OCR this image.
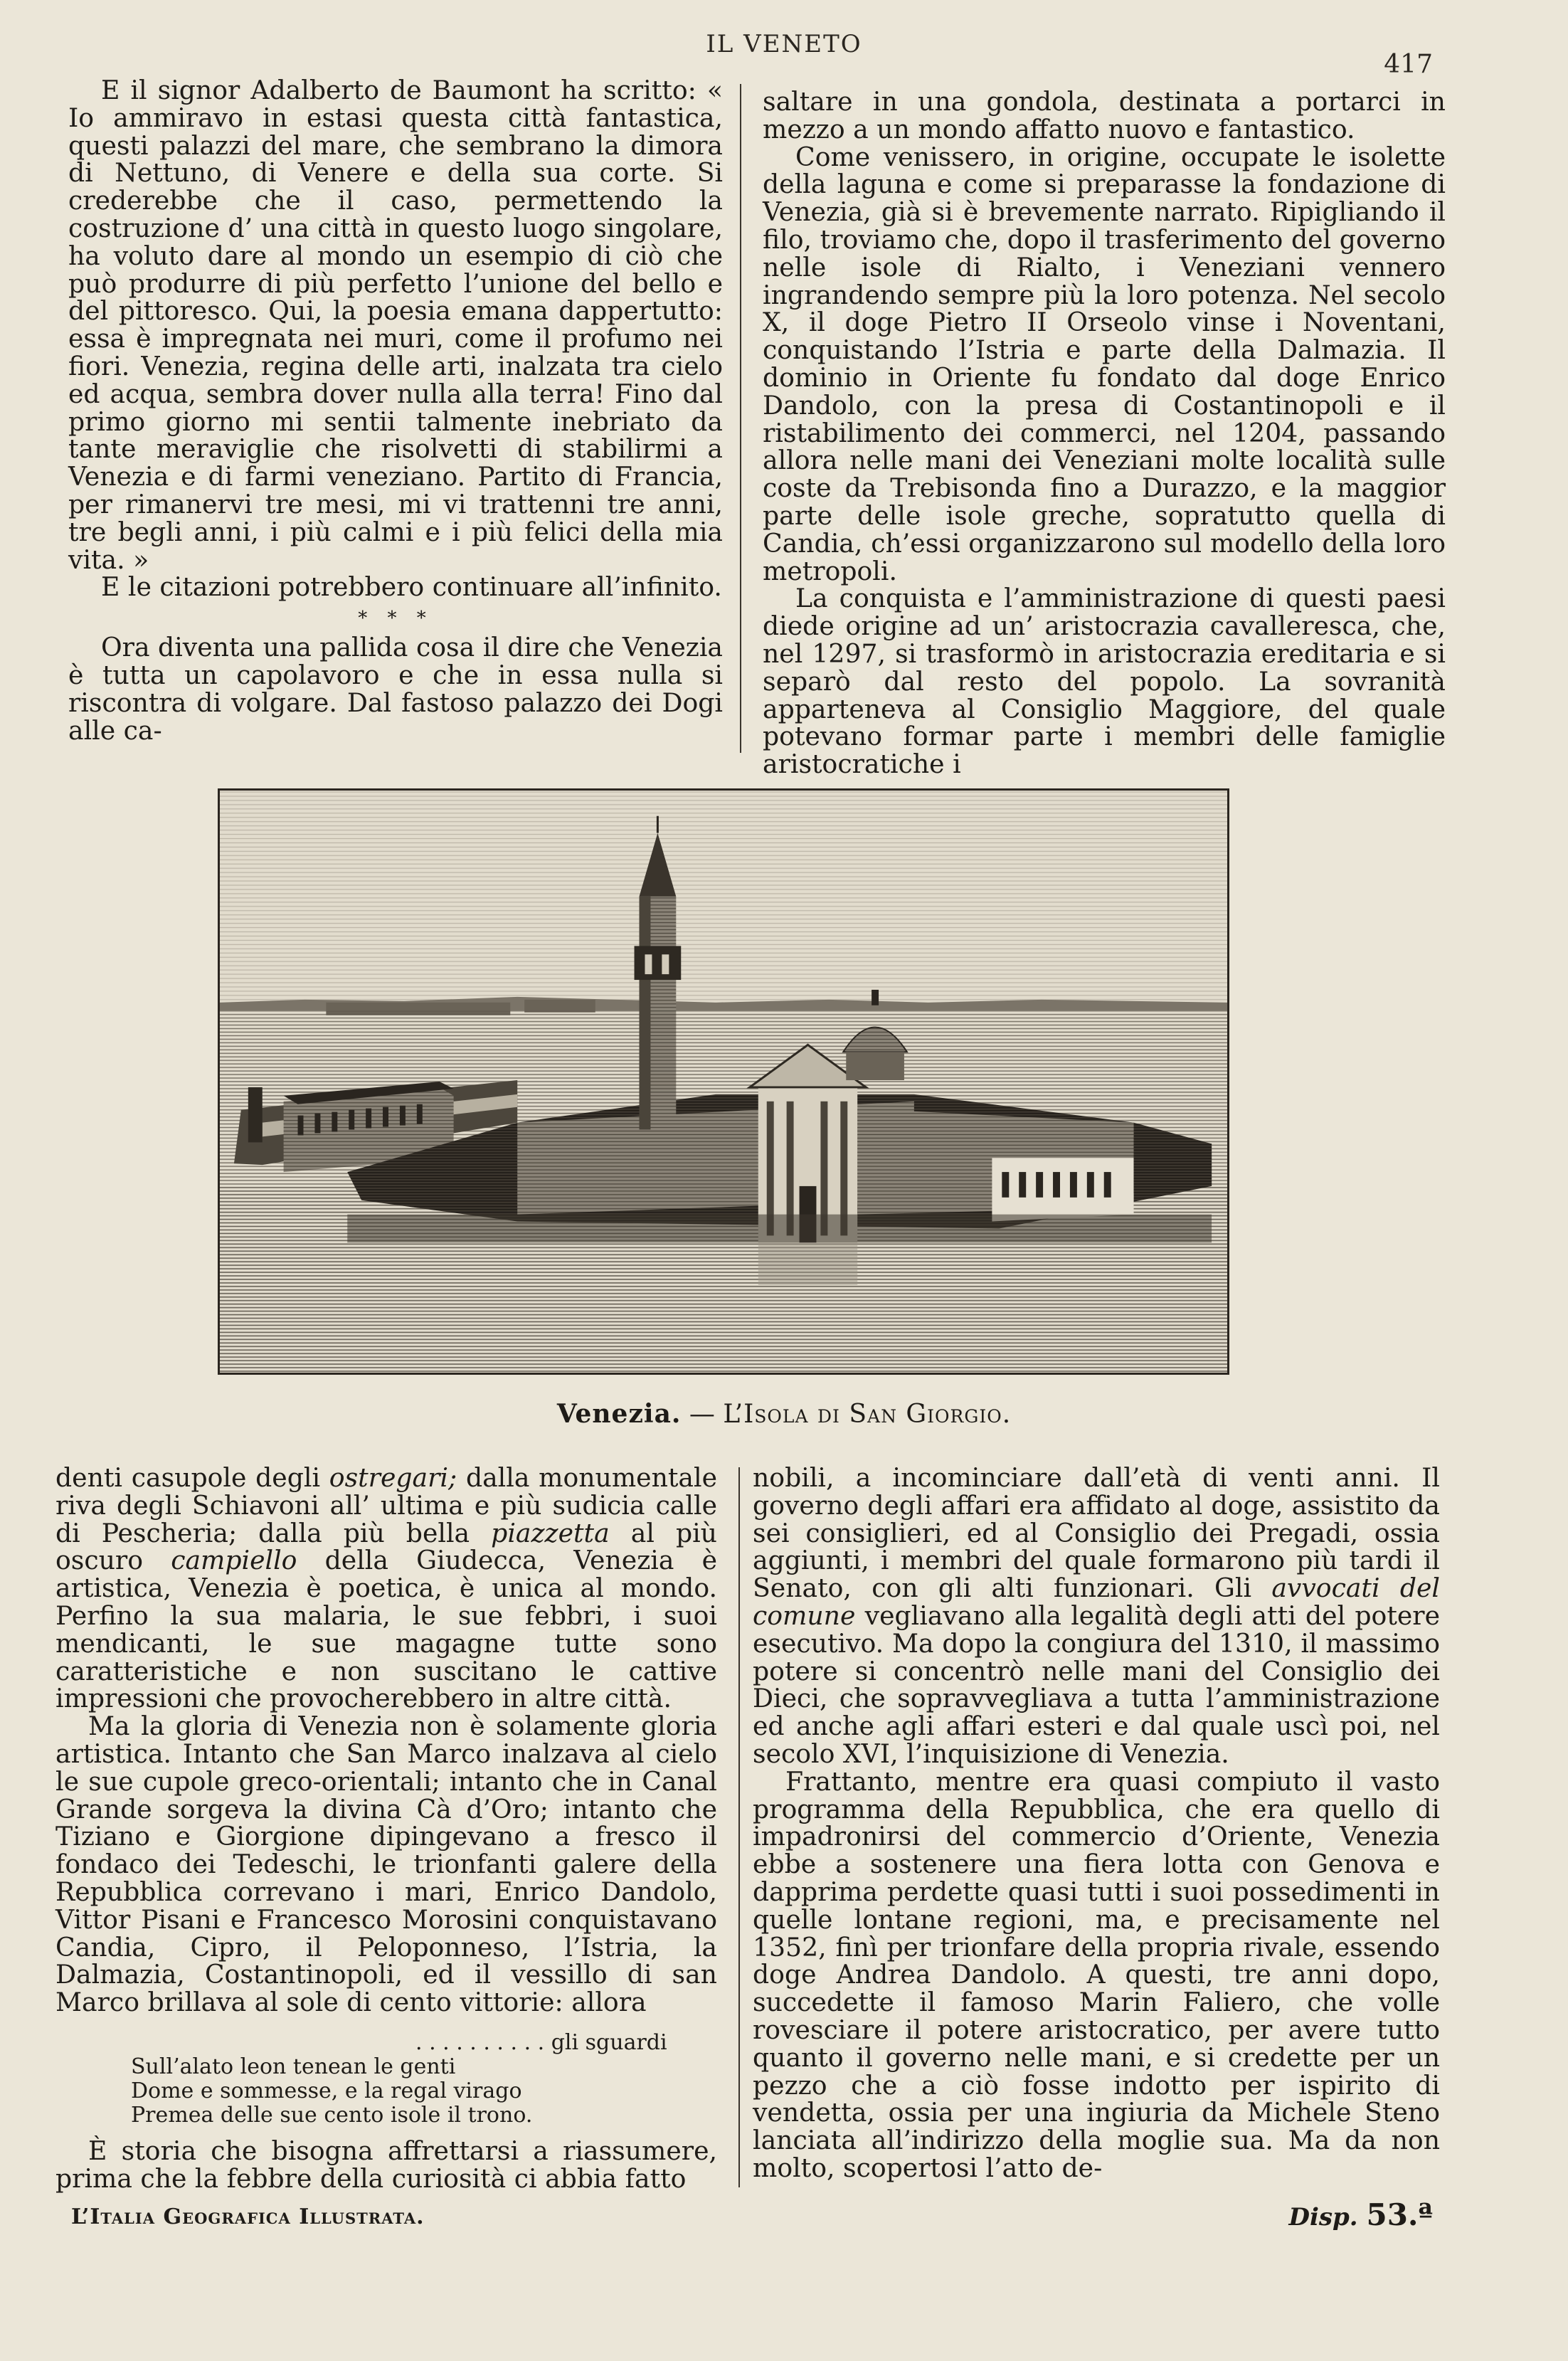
IL VENETO
417

E il signor Adalberto de Baumont ha scritto: « Io ammiravo in estasi questa città fantastica, questi palazzi del mare, che sembrano la dimora di Nettuno, di Venere e della sua corte. Si crederebbe che il caso, permettendo la costruzione d’ una città in questo luogo singolare, ha voluto dare al mondo un esempio di ciò che può produrre di più perfetto l’unione del bello e del pittoresco. Qui, la poesia emana dappertutto: essa è impregnata nei muri, come il profumo nei fiori. Venezia, regina delle arti, inalzata tra cielo ed acqua, sembra dover nulla alla terra! Fino dal primo giorno mi sentii talmente inebriato da tante meraviglie che risolvetti di stabilirmi a Venezia e di farmi veneziano. Partito di Francia, per rimanervi tre mesi, mi vi trattenni tre anni, tre begli anni, i più calmi e i più felici della mia vita. »

E le citazioni potrebbero continuare all’infinito.

* * *

Ora diventa una pallida cosa il dire che Venezia è tutta un capolavoro e che in essa nulla si riscontra di volgare. Dal fastoso palazzo dei Dogi alle ca-

saltare in una gondola, destinata a portarci in mezzo a un mondo affatto nuovo e fantastico.

Come venissero, in origine, occupate le isolette della laguna e come si preparasse la fondazione di Venezia, già si è brevemente narrato. Ripigliando il filo, troviamo che, dopo il trasferimento del governo nelle isole di Rialto, i Veneziani vennero ingrandendo sempre più la loro potenza. Nel secolo X, il doge Pietro II Orseolo vinse i Noventani, conquistando l’Istria e parte della Dalmazia. Il dominio in Oriente fu fondato dal doge Enrico Dandolo, con la presa di Costantinopoli e il ristabilimento dei commerci, nel 1204, passando allora nelle mani dei Veneziani molte località sulle coste da Trebisonda fino a Durazzo, e la maggior parte delle isole greche, sopratutto quella di Candia, ch’essi organizzarono sul modello della loro metropoli.

La conquista e l’amministrazione di questi paesi diede origine ad un’ aristocrazia cavalleresca, che, nel 1297, si trasformò in aristocrazia ereditaria e si separò dal resto del popolo. La sovranità apparteneva al Consiglio Maggiore, del quale potevano formar parte i membri delle famiglie aristocratiche i

Venezia. — L’Isola di San Giorgio.

denti casupole degli ostregari; dalla monumentale riva degli Schiavoni all’ ultima e più sudicia calle di Pescheria; dalla più bella piazzetta al più oscuro campiello della Giudecca, Venezia è artistica, Venezia è poetica, è unica al mondo. Perfino la sua malaria, le sue febbri, i suoi mendicanti, le sue magagne tutte sono caratteristiche e non suscitano le cattive impressioni che provocherebbero in altre città.

Ma la gloria di Venezia non è solamente gloria artistica. Intanto che San Marco inalzava al cielo le sue cupole greco-orientali; intanto che in Canal Grande sorgeva la divina Cà d’Oro; intanto che Tiziano e Giorgione dipingevano a fresco il fondaco dei Tedeschi, le trionfanti galere della Repubblica correvano i mari, Enrico Dandolo, Vittor Pisani e Francesco Morosini conquistavano Candia, Cipro, il Peloponneso, l’Istria, la Dalmazia, Costantinopoli, ed il vessillo di san Marco brillava al sole di cento vittorie: allora

. . . . . . . . . . gli sguardi
Sull’alato leon tenean le genti
Dome e sommesse, e la regal virago
Premea delle sue cento isole il trono.

È storia che bisogna affrettarsi a riassumere, prima che la febbre della curiosità ci abbia fatto

nobili, a incominciare dall’età di venti anni. Il governo degli affari era affidato al doge, assistito da sei consiglieri, ed al Consiglio dei Pregadi, ossia aggiunti, i membri del quale formarono più tardi il Senato, con gli alti funzionari. Gli avvocati del comune vegliavano alla legalità degli atti del potere esecutivo. Ma dopo la congiura del 1310, il massimo potere si concentrò nelle mani del Consiglio dei Dieci, che sopravvegliava a tutta l’amministrazione ed anche agli affari esteri e dal quale uscì poi, nel secolo XVI, l’inquisizione di Venezia.

Frattanto, mentre era quasi compiuto il vasto programma della Repubblica, che era quello di impadronirsi del commercio d’Oriente, Venezia ebbe a sostenere una fiera lotta con Genova e dapprima perdette quasi tutti i suoi possedimenti in quelle lontane regioni, ma, e precisamente nel 1352, finì per trionfare della propria rivale, essendo doge Andrea Dandolo. A questi, tre anni dopo, succedette il famoso Marin Faliero, che volle rovesciare il potere aristocratico, per avere tutto quanto il governo nelle mani, e si credette per un pezzo che a ciò fosse indotto per ispirito di vendetta, ossia per una ingiuria da Michele Steno lanciata all’indirizzo della moglie sua. Ma da non molto, scopertosi l’atto de-

L’Italia Geografica Illustrata.	Disp. 53.ª
